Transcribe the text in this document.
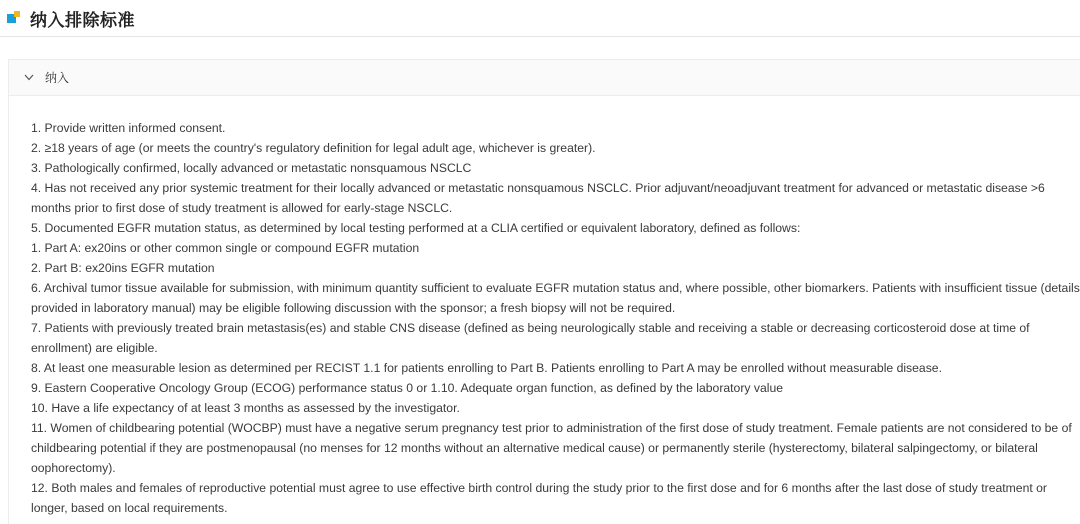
纳入排除标准
纳入
1. Provide written informed consent.
2. ≥18 years of age (or meets the country's regulatory definition for legal adult age, whichever is greater).
3. Pathologically confirmed, locally advanced or metastatic nonsquamous NSCLC
4. Has not received any prior systemic treatment for their locally advanced or metastatic nonsquamous NSCLC. Prior adjuvant/neoadjuvant treatment for advanced or metastatic disease >6 months prior to first dose of study treatment is allowed for early-stage NSCLC.
5. Documented EGFR mutation status, as determined by local testing performed at a CLIA certified or equivalent laboratory, defined as follows:
1. Part A: ex20ins or other common single or compound EGFR mutation
2. Part B: ex20ins EGFR mutation
6. Archival tumor tissue available for submission, with minimum quantity sufficient to evaluate EGFR mutation status and, where possible, other biomarkers. Patients with insufficient tissue (details provided in laboratory manual) may be eligible following discussion with the sponsor; a fresh biopsy will not be required.
7. Patients with previously treated brain metastasis(es) and stable CNS disease (defined as being neurologically stable and receiving a stable or decreasing corticosteroid dose at time of enrollment) are eligible.
8. At least one measurable lesion as determined per RECIST 1.1 for patients enrolling to Part B. Patients enrolling to Part A may be enrolled without measurable disease.
9. Eastern Cooperative Oncology Group (ECOG) performance status 0 or 1.10. Adequate organ function, as defined by the laboratory value
10. Have a life expectancy of at least 3 months as assessed by the investigator.
11. Women of childbearing potential (WOCBP) must have a negative serum pregnancy test prior to administration of the first dose of study treatment. Female patients are not considered to be of childbearing potential if they are postmenopausal (no menses for 12 months without an alternative medical cause) or permanently sterile (hysterectomy, bilateral salpingectomy, or bilateral oophorectomy).
12. Both males and females of reproductive potential must agree to use effective birth control during the study prior to the first dose and for 6 months after the last dose of study treatment or longer, based on local requirements.
